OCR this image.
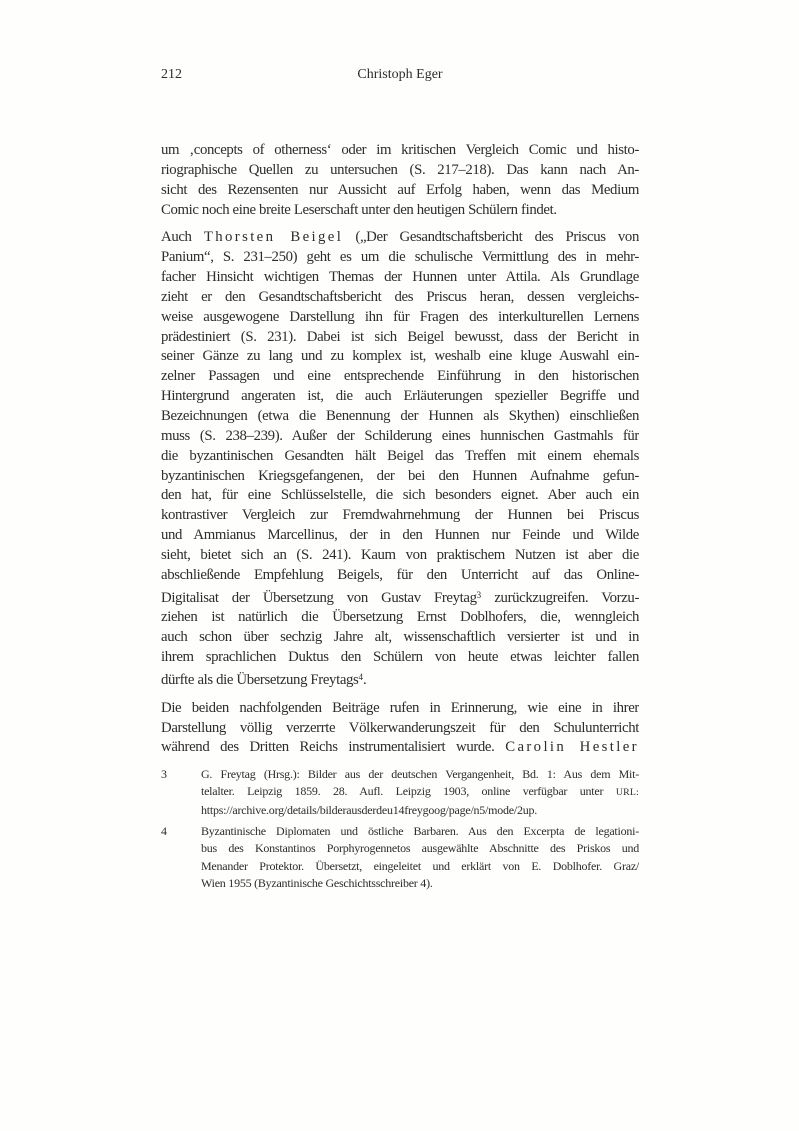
212	Christoph Eger
um ‚concepts of otherness‘ oder im kritischen Vergleich Comic und histo-
riographische Quellen zu untersuchen (S. 217–218). Das kann nach An-
sicht des Rezensenten nur Aussicht auf Erfolg haben, wenn das Medium
Comic noch eine breite Leserschaft unter den heutigen Schülern findet.
Auch Thorsten Beigel („Der Gesandtschaftsbericht des Priscus von
Panium“, S. 231–250) geht es um die schulische Vermittlung des in mehr-
facher Hinsicht wichtigen Themas der Hunnen unter Attila. Als Grundlage
zieht er den Gesandtschaftsbericht des Priscus heran, dessen vergleichs-
weise ausgewogene Darstellung ihn für Fragen des interkulturellen Lernens
prädestiniert (S. 231). Dabei ist sich Beigel bewusst, dass der Bericht in
seiner Gänze zu lang und zu komplex ist, weshalb eine kluge Auswahl ein-
zelner Passagen und eine entsprechende Einführung in den historischen
Hintergrund angeraten ist, die auch Erläuterungen spezieller Begriffe und
Bezeichnungen (etwa die Benennung der Hunnen als Skythen) einschließen
muss (S. 238–239). Außer der Schilderung eines hunnischen Gastmahls für
die byzantinischen Gesandten hält Beigel das Treffen mit einem ehemals
byzantinischen Kriegsgefangenen, der bei den Hunnen Aufnahme gefun-
den hat, für eine Schlüsselstelle, die sich besonders eignet. Aber auch ein
kontrastiver Vergleich zur Fremdwahrnehmung der Hunnen bei Priscus
und Ammianus Marcellinus, der in den Hunnen nur Feinde und Wilde
sieht, bietet sich an (S. 241). Kaum von praktischem Nutzen ist aber die
abschließende Empfehlung Beigels, für den Unterricht auf das Online-
Digitalisat der Übersetzung von Gustav Freytag$^3$ zurückzugreifen. Vorzu-
ziehen ist natürlich die Übersetzung Ernst Doblhofers, die, wenngleich
auch schon über sechzig Jahre alt, wissenschaftlich versierter ist und in
ihrem sprachlichen Duktus den Schülern von heute etwas leichter fallen
dürfte als die Übersetzung Freytags$^4$.
Die beiden nachfolgenden Beiträge rufen in Erinnerung, wie eine in ihrer
Darstellung völlig verzerrte Völkerwanderungszeit für den Schulunterricht
während des Dritten Reichs instrumentalisiert wurde. Carolin Hestler
3	G. Freytag (Hrsg.): Bilder aus der deutschen Vergangenheit, Bd. 1: Aus dem Mit-
telalter. Leipzig 1859. 28. Aufl. Leipzig 1903, online verfügbar unter URL:
https://archive.org/details/bilderausderdeu14freygoog/page/n5/mode/2up.
4	Byzantinische Diplomaten und östliche Barbaren. Aus den Excerpta de legationi-
bus des Konstantinos Porphyrogennetos ausgewählte Abschnitte des Priskos und
Menander Protektor. Übersetzt, eingeleitet und erklärt von E. Doblhofer. Graz/
Wien 1955 (Byzantinische Geschichtsschreiber 4).
